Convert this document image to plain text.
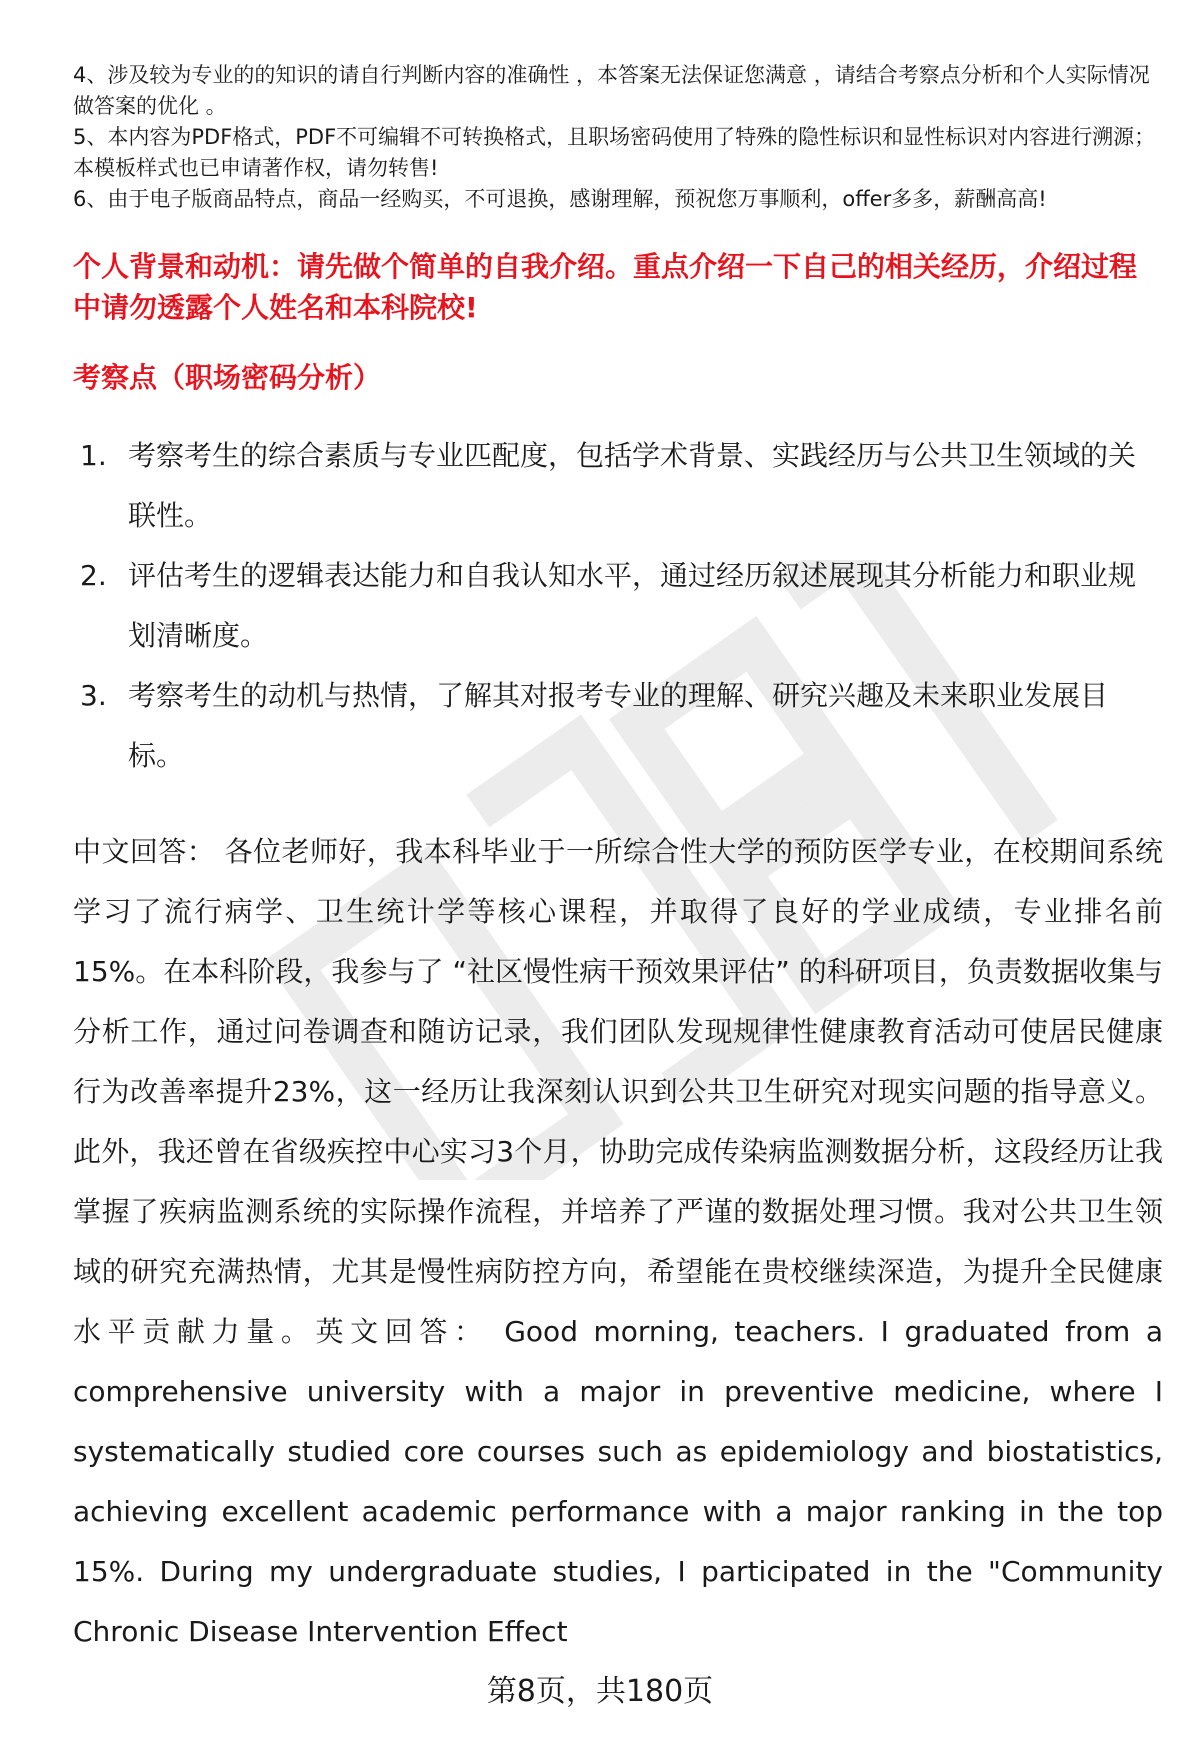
4、涉及较为专业的的知识的请自行判断内容的准确性 ，本答案无法保证您满意 ，请结合考察点分析和个人实际情况做答案的优化 。

5、本内容为PDF格式，PDF不可编辑不可转换格式，且职场密码使用了特殊的隐性标识和显性标识对内容进行溯源；本模板样式也已申请著作权，请勿转售!

6、由于电子版商品特点，商品一经购买，不可退换，感谢理解，预祝您万事顺利，offer多多，薪酬高高!

个人背景和动机：请先做个简单的自我介绍。重点介绍一下自己的相关经历，介绍过程中请勿透露个人姓名和本科院校!
考察点（职场密码分析）
1. 考察考生的综合素质与专业匹配度，包括学术背景、实践经历与公共卫生领域的关联性。
2. 评估考生的逻辑表达能力和自我认知水平，通过经历叙述展现其分析能力和职业规划清晰度。
3. 考察考生的动机与热情，了解其对报考专业的理解、研究兴趣及未来职业发展目标。

中文回答： 各位老师好，我本科毕业于一所综合性大学的预防医学专业，在校期间系统学习了流行病学、卫生统计学等核心课程，并取得了良好的学业成绩，专业排名前15%。在本科阶段，我参与了 “社区慢性病干预效果评估” 的科研项目，负责数据收集与分析工作，通过问卷调查和随访记录，我们团队发现规律性健康教育活动可使居民健康行为改善率提升23%，这一经历让我深刻认识到公共卫生研究对现实问题的指导意义。此外，我还曾在省级疾控中心实习3个月，协助完成传染病监测数据分析，这段经历让我掌握了疾病监测系统的实际操作流程，并培养了严谨的数据处理习惯。我对公共卫生领域的研究充满热情，尤其是慢性病防控方向，希望能在贵校继续深造，为提升全民健康水平贡献力量。英文回答： Good morning, teachers. I graduated from a comprehensive university with a major in preventive medicine, where I systematically studied core courses such as epidemiology and biostatistics, achieving excellent academic performance with a major ranking in the top 15%. During my undergraduate studies, I participated in the "Community Chronic Disease Intervention Effect

第8页，共180页
